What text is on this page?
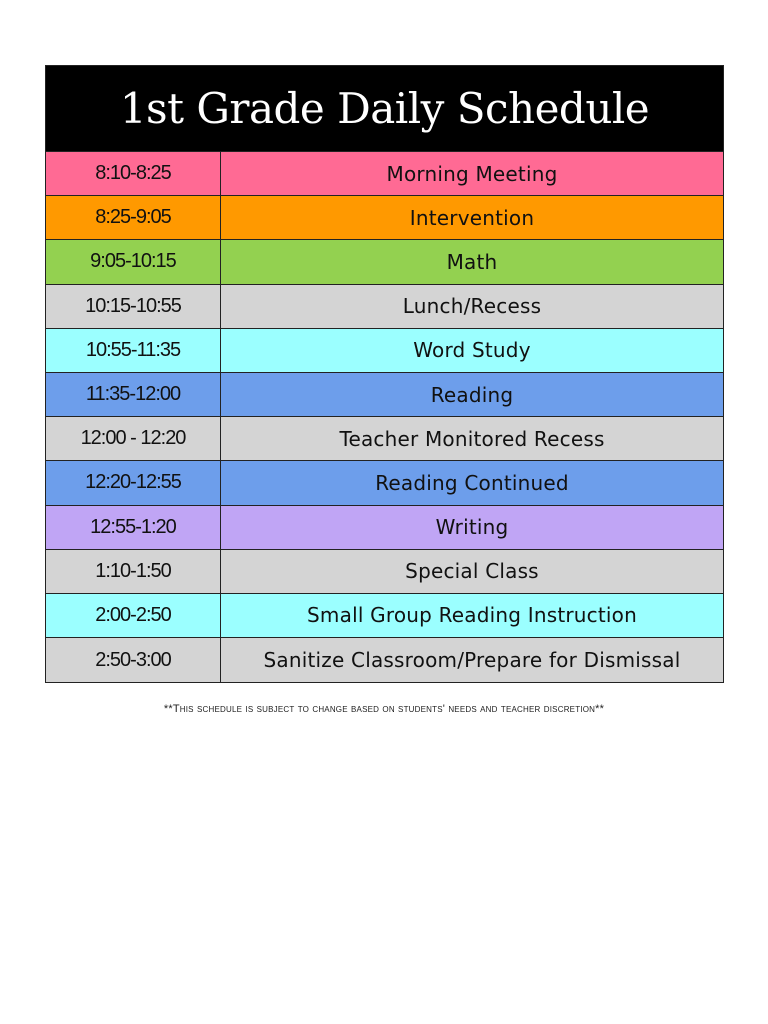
1st Grade Daily Schedule
8:10-8:25	Morning Meeting
8:25-9:05	Intervention
9:05-10:15	Math
10:15-10:55	Lunch/Recess
10:55-11:35	Word Study
11:35-12:00	Reading
12:00 - 12:20	Teacher Monitored Recess
12:20-12:55	Reading Continued
12:55-1:20	Writing
1:10-1:50	Special Class
2:00-2:50	Small Group Reading Instruction
2:50-3:00	Sanitize Classroom/Prepare for Dismissal
**This schedule is subject to change based on students' needs and teacher discretion**
